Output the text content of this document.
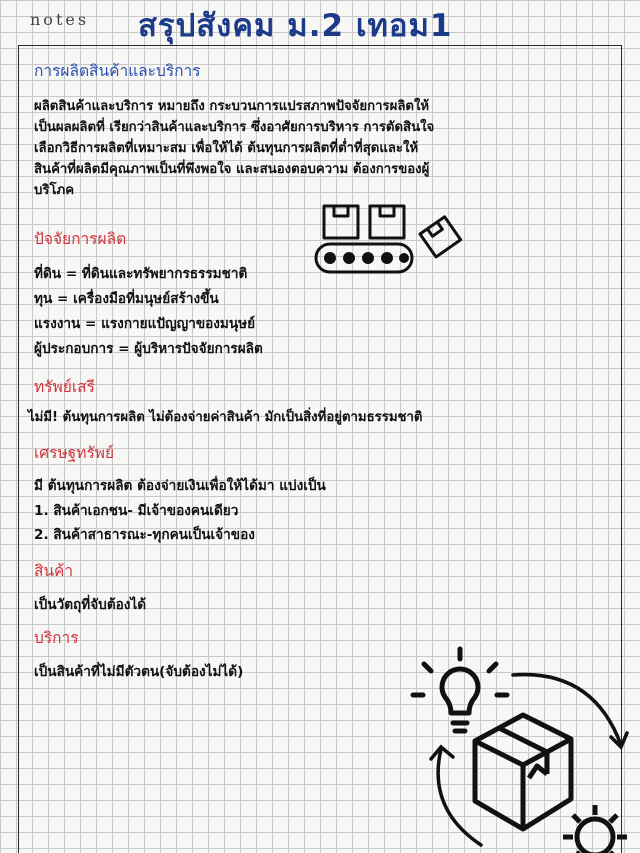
notes สรุปสังคม ม.2 เทอม1
การผลิตสินค้าและบริการ
ผลิตสินค้าและบริการ หมายถึง กระบวนการแปรสภาพปัจจัยการผลิตให้
เป็นผลผลิตที่ เรียกว่าสินค้าและบริการ ซึ่งอาศัยการบริหาร การตัดสินใจ
เลือกวิธีการผลิตที่เหมาะสม เพื่อให้ได้ ต้นทุนการผลิตที่ต่ำที่สุดและให้
สินค้าที่ผลิตมีคุณภาพเป็นที่พึงพอใจ และสนองตอบความ ต้องการของผู้
บริโภค
ปัจจัยการผลิต
ที่ดิน = ที่ดินและทรัพยากรธรรมชาติ
ทุน = เครื่องมือที่มนุษย์สร้างขึ้น
แรงงาน = แรงกายแปัญญาของมนุษย์
ผู้ประกอบการ = ผู้บริหารปัจจัยการผลิต
ทรัพย์เสรี
ไม่มี! ต้นทุนการผลิต ไม่ต้องจ่ายค่าสินค้า มักเป็นสิ่งที่อยู่ตามธรรมชาติ
เศรษฐทรัพย์
มี ต้นทุนการผลิต ต้องจ่ายเงินเพื่อให้ได้มา แบ่งเป็น
1. สินค้าเอกชน- มีเจ้าของคนเดียว
2. สินค้าสาธารณะ-ทุกคนเป็นเจ้าของ
สินค้า
เป็นวัตถุที่จับต้องได้
บริการ
เป็นสินค้าที่ไม่มีตัวตน(จับต้องไม่ได้)
